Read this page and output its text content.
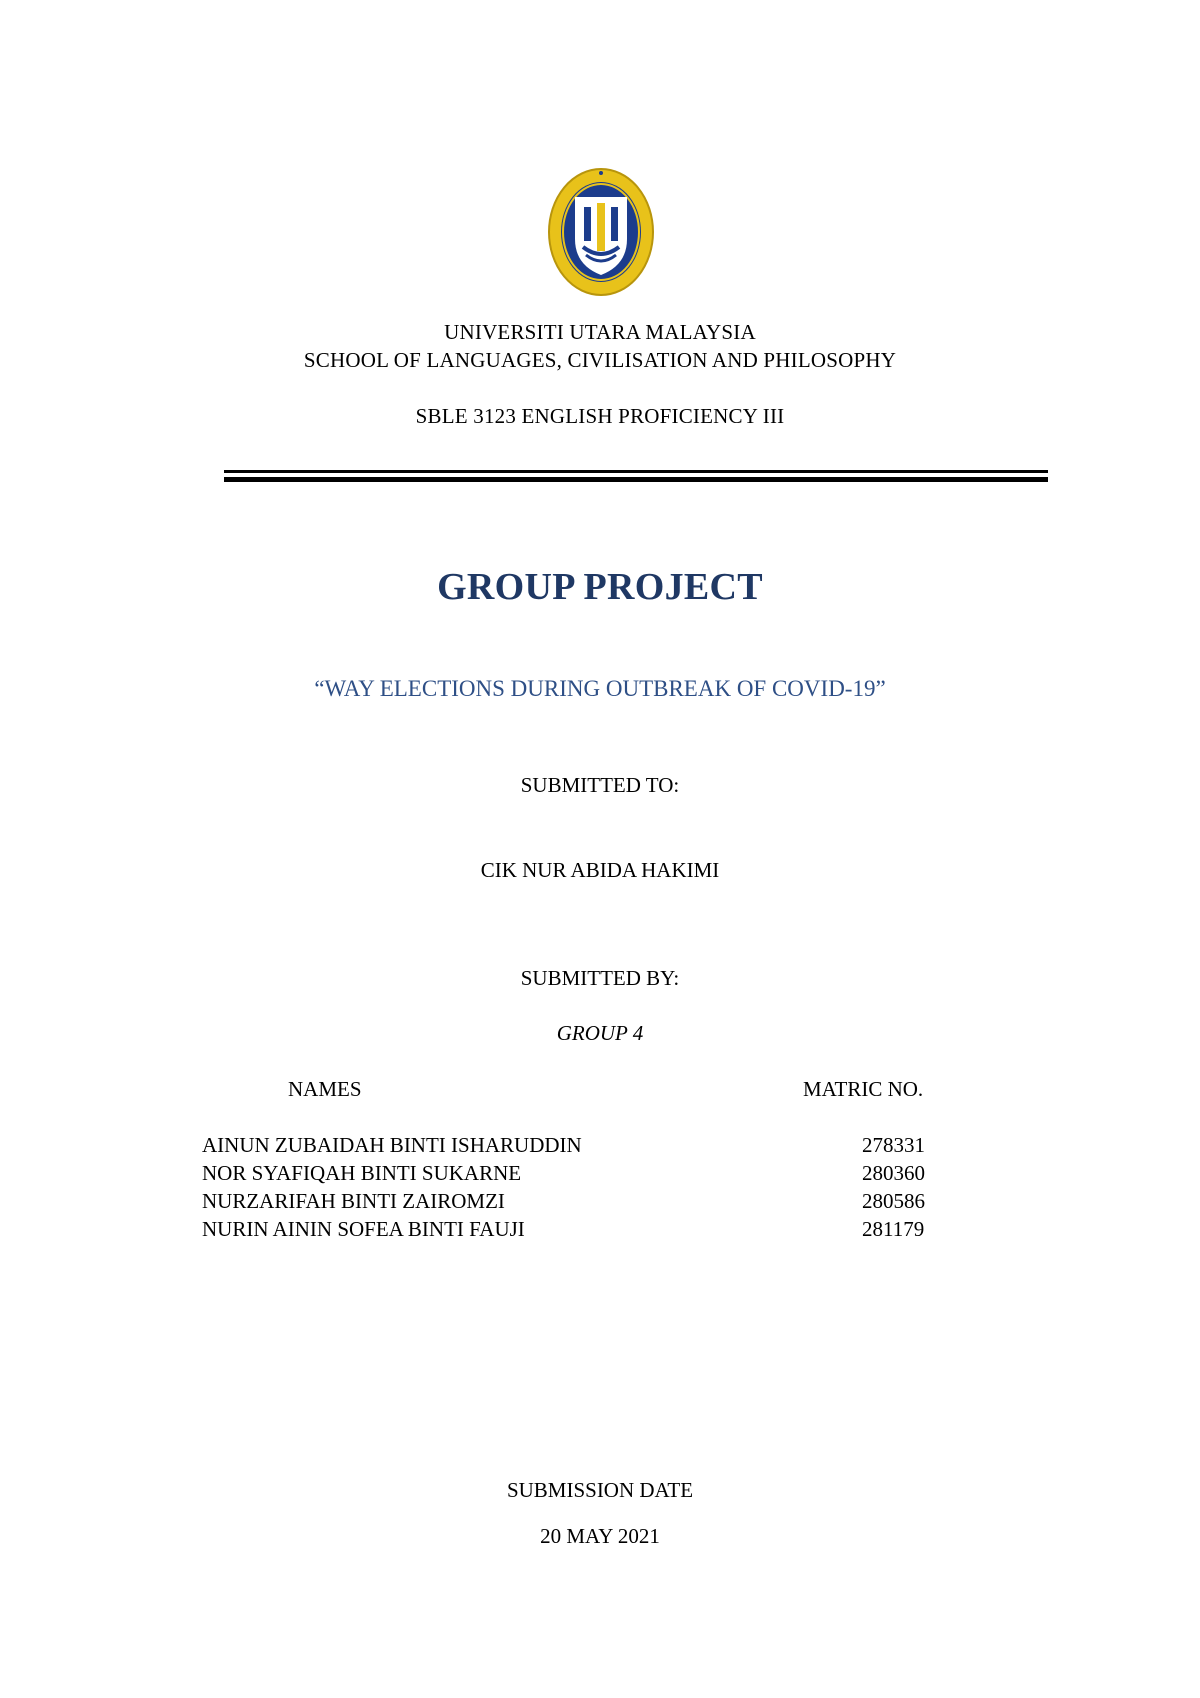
UNIVERSITI UTARA MALAYSIA
SCHOOL OF LANGUAGES, CIVILISATION AND PHILOSOPHY
SBLE 3123 ENGLISH PROFICIENCY III
GROUP PROJECT
“WAY ELECTIONS DURING OUTBREAK OF COVID-19”
SUBMITTED TO:
CIK NUR ABIDA HAKIMI
SUBMITTED BY:
GROUP 4
NAMES	MATRIC NO.
AINUN ZUBAIDAH BINTI ISHARUDDIN	278331
NOR SYAFIQAH BINTI SUKARNE	280360
NURZARIFAH BINTI ZAIROMZI	280586
NURIN AININ SOFEA BINTI FAUJI	281179
SUBMISSION DATE
20 MAY 2021
